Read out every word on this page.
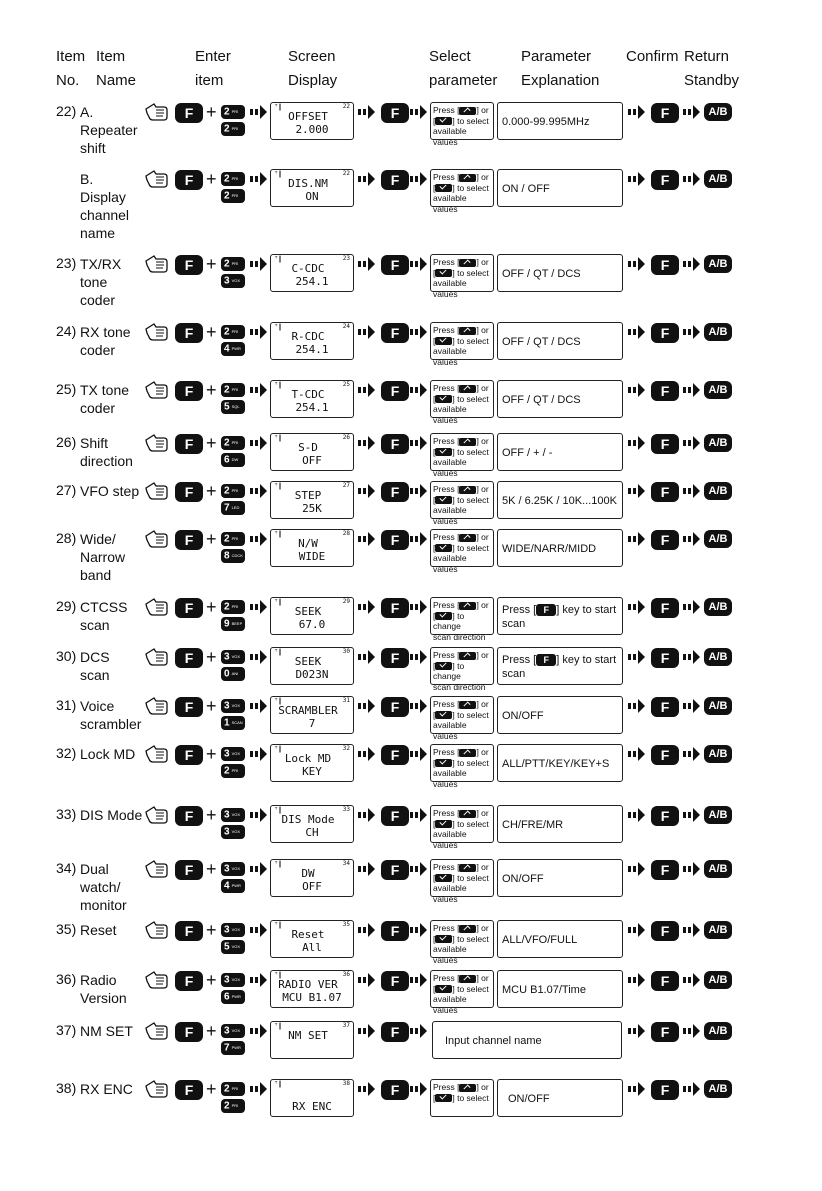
Item
No.
Item
Name
Enter
item
Screen
Display
Select
parameter
Parameter
Explanation
Confirm Return
Standby
22) A.
Repeater
shift
F + 2 PRI
2 PRI
ᵀ∥	22
OFFSET
2.000
F	Press [ ] or
[ ] to select
available values
0.000-99.995MHz
F	A/B
B.
Display
channel
name
F + 2 PRI
2 PRI
ᵀ∥	22
DIS.NM
ON
F	Press [ ] or
[ ] to select
available values
ON / OFF
F	A/B
23) TX/RX
tone
coder
F + 2 PRI
3 VOX
ᵀ∥	23
C-CDC
254.1
F	Press [ ] or
[ ] to select
available values
OFF / QT / DCS
F	A/B
24) RX tone
coder
F + 2 PRI
4 PWR
ᵀ∥	24
R-CDC
254.1
F	Press [ ] or
[ ] to select
available values
OFF / QT / DCS
F	A/B
25) TX tone
coder
F + 2 PRI
5 SQL
ᵀ∥	25
T-CDC
254.1
F	Press [ ] or
[ ] to select
available values
OFF / QT / DCS
F	A/B
26) Shift
direction
F + 2 PRI
6 DW
ᵀ∥	26
S-D
OFF
F	Press [ ] or
[ ] to select
available values
OFF / + / -
F	A/B
27) VFO step	F + 2 PRI
7 LED
ᵀ∥	27
STEP
25K
F	Press [ ] or
[ ] to select
available values
5K / 6.25K / 10K...100K
F	A/B
28) Wide/
Narrow
band
F + 2 PRI
8 CDCK
ᵀ∥	28
N/W
WIDE
F	Press [ ] or
[ ] to select
available values
WIDE/NARR/MIDD
F	A/B
29) CTCSS
scan
F + 2 PRI
9 BEEP
ᵀ∥	29
SEEK
67.0
F	Press [ ] or
[ ] to change
scan direction
Press [ F ] key to start scan
F	A/B
30) DCS
scan
F + 3 VOX
0 ANI
ᵀ∥	30
SEEK
D023N
F	Press [ ] or
[ ] to change
scan direction
Press [ F ] key to start scan
F	A/B
31) Voice
scrambler
F + 3 VOX
1 SCAN
ᵀ∥	31
SCRAMBLER
7
F	Press [ ] or
[ ] to select
available values
ON/OFF
F	A/B
32) Lock MD	F + 3 VOX
2 PRI
ᵀ∥	32
Lock MD
KEY
F	Press [ ] or
[ ] to select
available values
ALL/PTT/KEY/KEY+S
F	A/B
33) DIS Mode	F + 3 VOX
3 VOX
ᵀ∥	33
DIS Mode
CH
F	Press [ ] or
[ ] to select
available values
CH/FRE/MR
F	A/B
34) Dual
watch/
monitor
F + 3 VOX
4 PWR
ᵀ∥	34
DW
OFF
F	Press [ ] or
[ ] to select
available values
ON/OFF
F	A/B
35) Reset	F + 3 VOX
5 VOX
ᵀ∥	35
Reset
All
F	Press [ ] or
[ ] to select
available values
ALL/VFO/FULL
F	A/B
36) Radio
Version
F + 3 VOX
6 PWR
ᵀ∥	36
RADIO VER
MCU B1.07
F	Press [ ] or
[ ] to select
available values
MCU B1.07/Time
F	A/B
37) NM SET	F + 3 VOX
7 PWR
ᵀ∥	37
NM SET	F
Input channel name
F	A/B
38) RX ENC	F + 2 PRI
2 PRI
ᵀ∥	38
RX ENC
F	Press [ ] or
[ ] to select	ON/OFF
F	A/B
